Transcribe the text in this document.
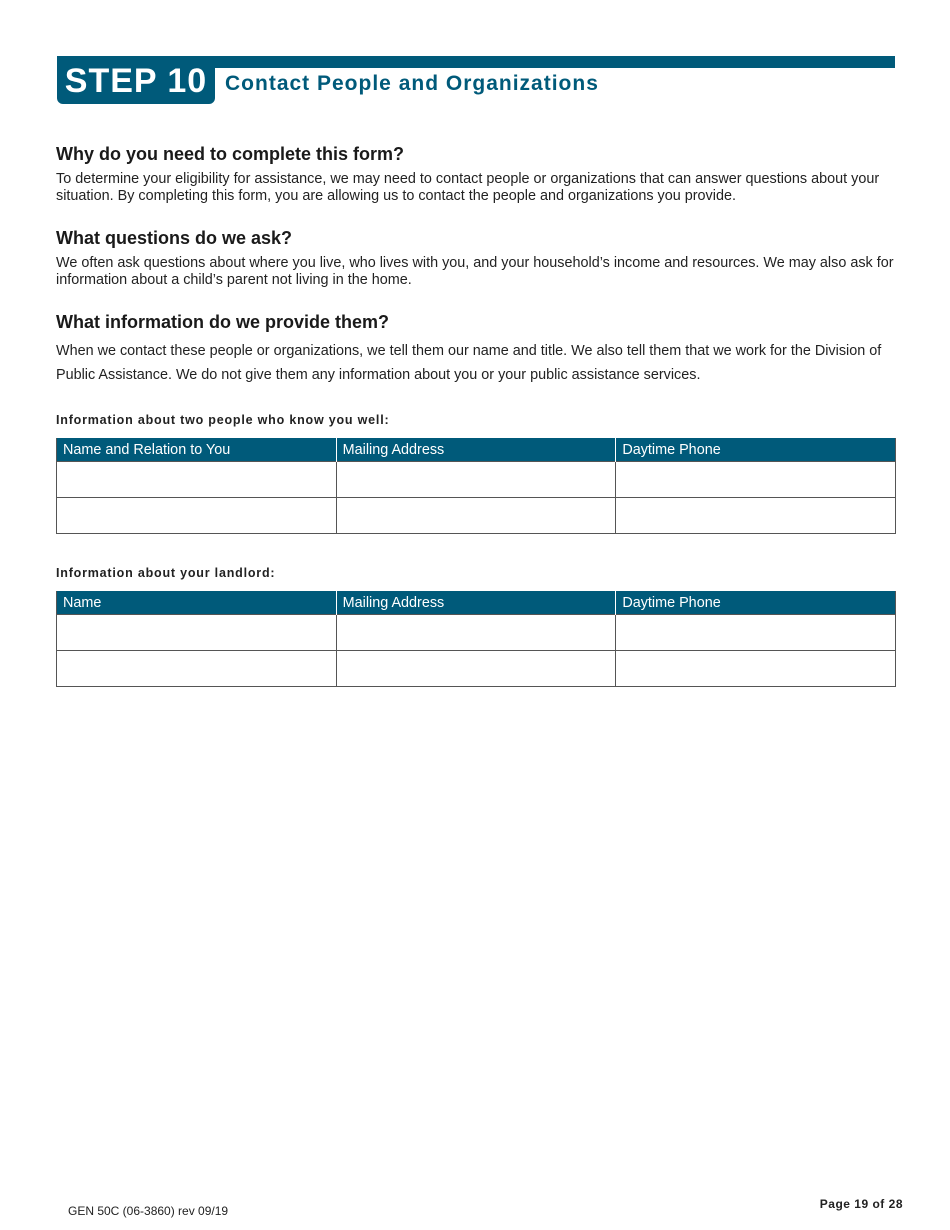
STEP 10 Contact People and Organizations
Why do you need to complete this form?

To determine your eligibility for assistance, we may need to contact people or organizations that can answer questions about your situation. By completing this form, you are allowing us to contact the people and organizations you provide.

What questions do we ask?

We often ask questions about where you live, who lives with you, and your household’s income and resources. We may also ask for information about a child’s parent not living in the home.

What information do we provide them?

When we contact these people or organizations, we tell them our name and title. We also tell them that we work for the Division of Public Assistance. We do not give them any information about you or your public assistance services.

Information about two people who know you well:
Name and Relation to You	Mailing Address	Daytime Phone

Information about your landlord:
Name	Mailing Address	Daytime Phone

GEN 50C (06-3860) rev 09/19	Page 19 of 28
